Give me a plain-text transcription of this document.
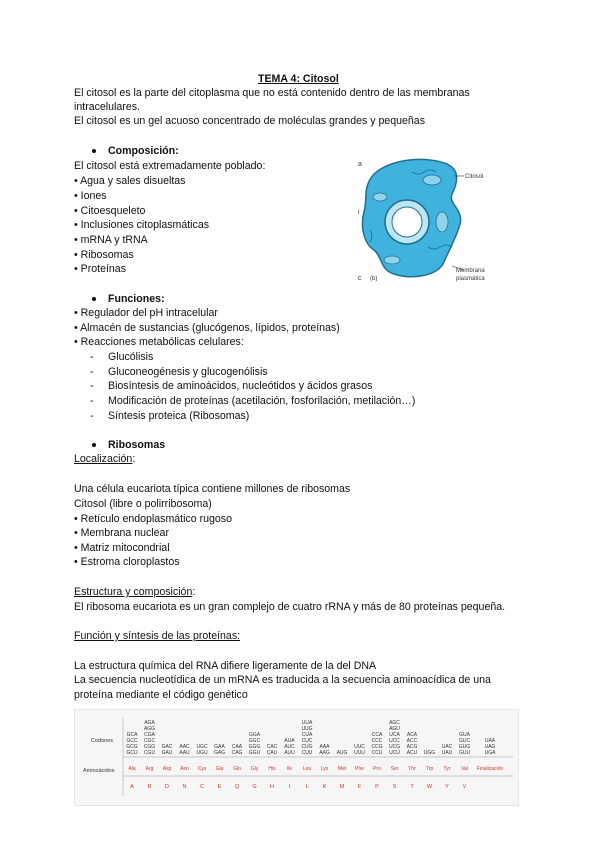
TEMA 4: Citosol
El citosol es la parte del citoplasma que no está contenido dentro de las membranas
intracelulares.
El citosol es un gel acuoso concentrado de moléculas grandes y pequeñas
Composición:
El citosol está extremadamente poblado:
• Agua y sales disueltas
• Iones
• Citoesqueleto
• Inclusiones citoplasmáticas
• mRNA y tRNA
• Ribosomas
• Proteínas
a
i
c (b)
Citosol
Membrana
plasmática
Funciones:
• Regulador del pH intracelular
• Almacén de sustancias (glucógenos, lípidos, proteínas)
• Reacciones metabólicas celulares:
- Glucólisis
- Gluconeogénesis y glucogenólisis
- Biosíntesis de aminoácidos, nucleótidos y ácidos grasos
- Modificación de proteínas (acetilación, fosforilación, metilación…)
- Síntesis proteica (Ribosomas)
Ribosomas
Localización:
Una célula eucariota típica contiene millones de ribosomas
Citosol (libre o polirribosoma)
• Retículo endoplasmático rugoso
• Membrana nuclear
• Matriz mitocondrial
• Estroma cloroplastos
Estructura y composición:
El ribosoma eucariota es un gran complejo de cuatro rRNA y más de 80 proteínas pequeña.
Función y síntesis de las proteínas:
La estructura química del RNA difiere ligeramente de la del DNA
La secuencia nucleotídica de un mRNA es traducida a la secuencia aminoacídica de una
proteína mediante el código genético
Codones
Aminoácidos
GCA
GCC
GCG
GCU
Ala
A
AGA
AGG
CGA
CGC
CGG
CGU
Arg
R
GAC
GAU
Asp
D
AAC
AAU
Asn
N
UGC
UGU
Cys
C
GAA
GAG
Glu
E
CAA
CAG
Gln
Q
GGA
GGC
GGG
GGU
Gly
G
CAC
CAU
His
H
AUA
AUC
AUU
Ile
I
UUA
UUG
CUA
CUC
CUG
CUU
Leu
L
AAA
AAG
Lys
K
AUG
Met
M
UUC
UUU
Phe
F
CCA
CCC
CCG
CCU
Pro
P
AGC
AGU
UCA
UCC
UCG
UCU
Ser
S
ACA
ACC
ACG
ACU
Thr
T
UGG
Trp
W
UAC
UAU
Tyr
Y
GUA
GUC
GUG
GUU
Val
V
UAA
UAG
UGA
Finalización
